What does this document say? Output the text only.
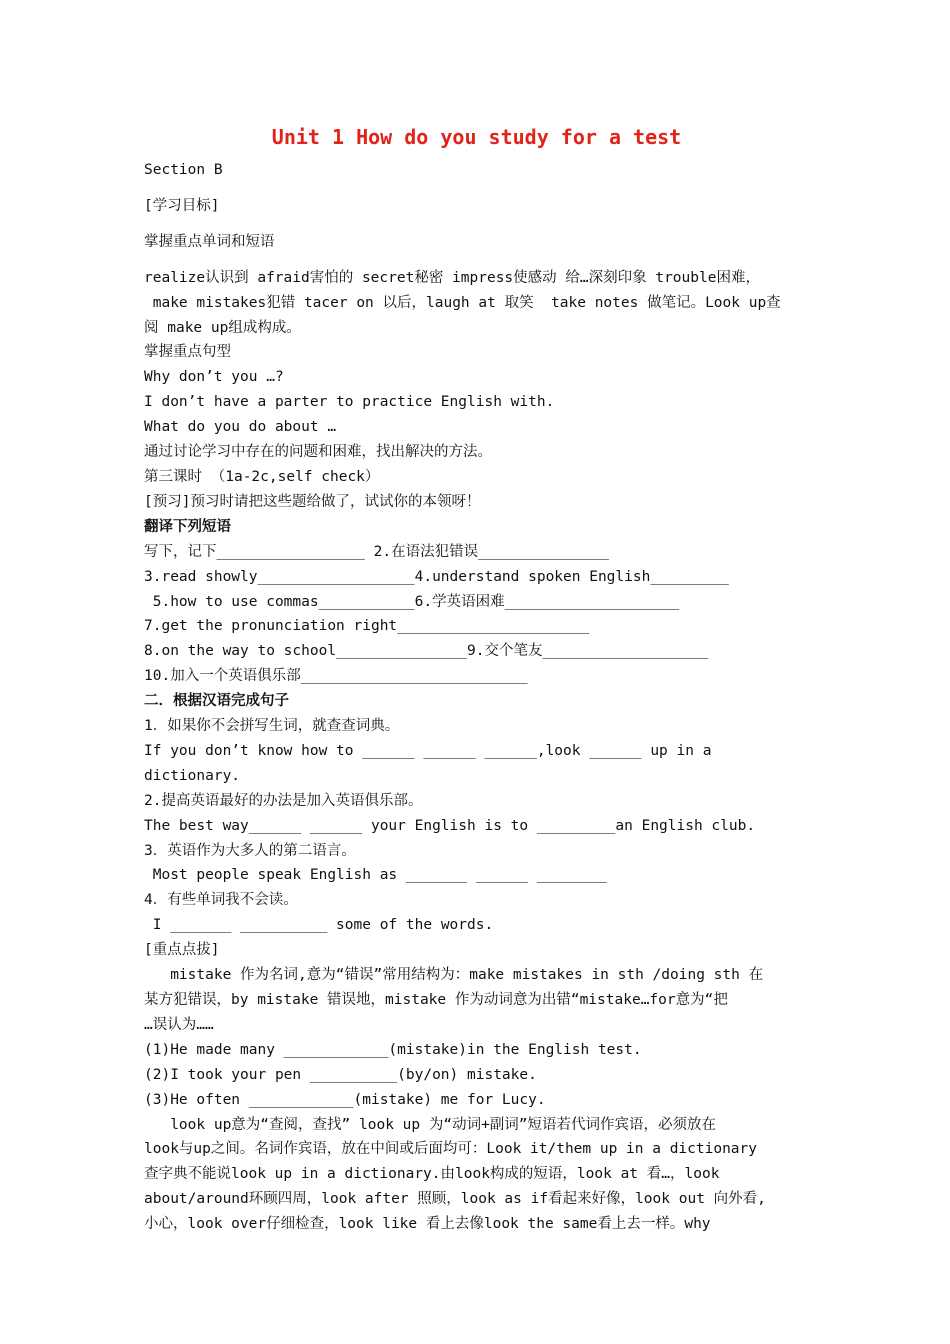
Unit 1 How do you study for a test

Section B

[学习目标]

掌握重点单词和短语

realize认识到 afraid害怕的 secret秘密 impress使感动 给…深刻印象 trouble困难，

make mistakes犯错 tacer on 以后，laugh at 取笑  take notes 做笔记。Look up查

阅 make up组成构成。

掌握重点句型

Why don’t you …?

I don’t have a parter to practice English with.

What do you do about …

通过讨论学习中存在的问题和困难，找出解决的方法。

第三课时 （1a-2c,self check）

[预习]预习时请把这些题给做了，试试你的本领呀！

翻译下列短语

写下，记下_________________ 2.在语法犯错误_______________

3.read showly__________________4.understand spoken English_________

5.how to use commas___________6.学英语困难____________________

7.get the pronunciation right______________________

8.on the way to school_______________9.交个笔友___________________

10.加入一个英语俱乐部__________________________

二．根据汉语完成句子

1．如果你不会拼写生词，就查查词典。

If you don’t know how to ______ ______ ______,look ______ up in a dictionary.

2.提高英语最好的办法是加入英语俱乐部。

The best way______ ______ your English is to _________an English club.

3．英语作为大多人的第二语言。

Most people speak English as _______ ______ ________

4．有些单词我不会读。

I _______ __________ some of the words.

[重点点拔]

mistake 作为名词,意为“错误”常用结构为：make mistakes in sth /doing sth 在

某方犯错误，by mistake 错误地，mistake 作为动词意为出错“mistake…for意为“把

…误认为……

(1)He made many ____________(mistake)in the English test.

(2)I took your pen __________(by/on) mistake.

(3)He often ____________(mistake) me for Lucy.

look up意为“查阅，查找” look up 为“动词+副词”短语若代词作宾语，必须放在

look与up之间。名词作宾语，放在中间或后面均可：Look it/them up in a dictionary

查字典不能说look up in a dictionary.由look构成的短语，look at 看…，look

about/around环顾四周，look after 照顾，look as if看起来好像，look out 向外看,

小心，look over仔细检查，look like 看上去像look the same看上去一样。why
